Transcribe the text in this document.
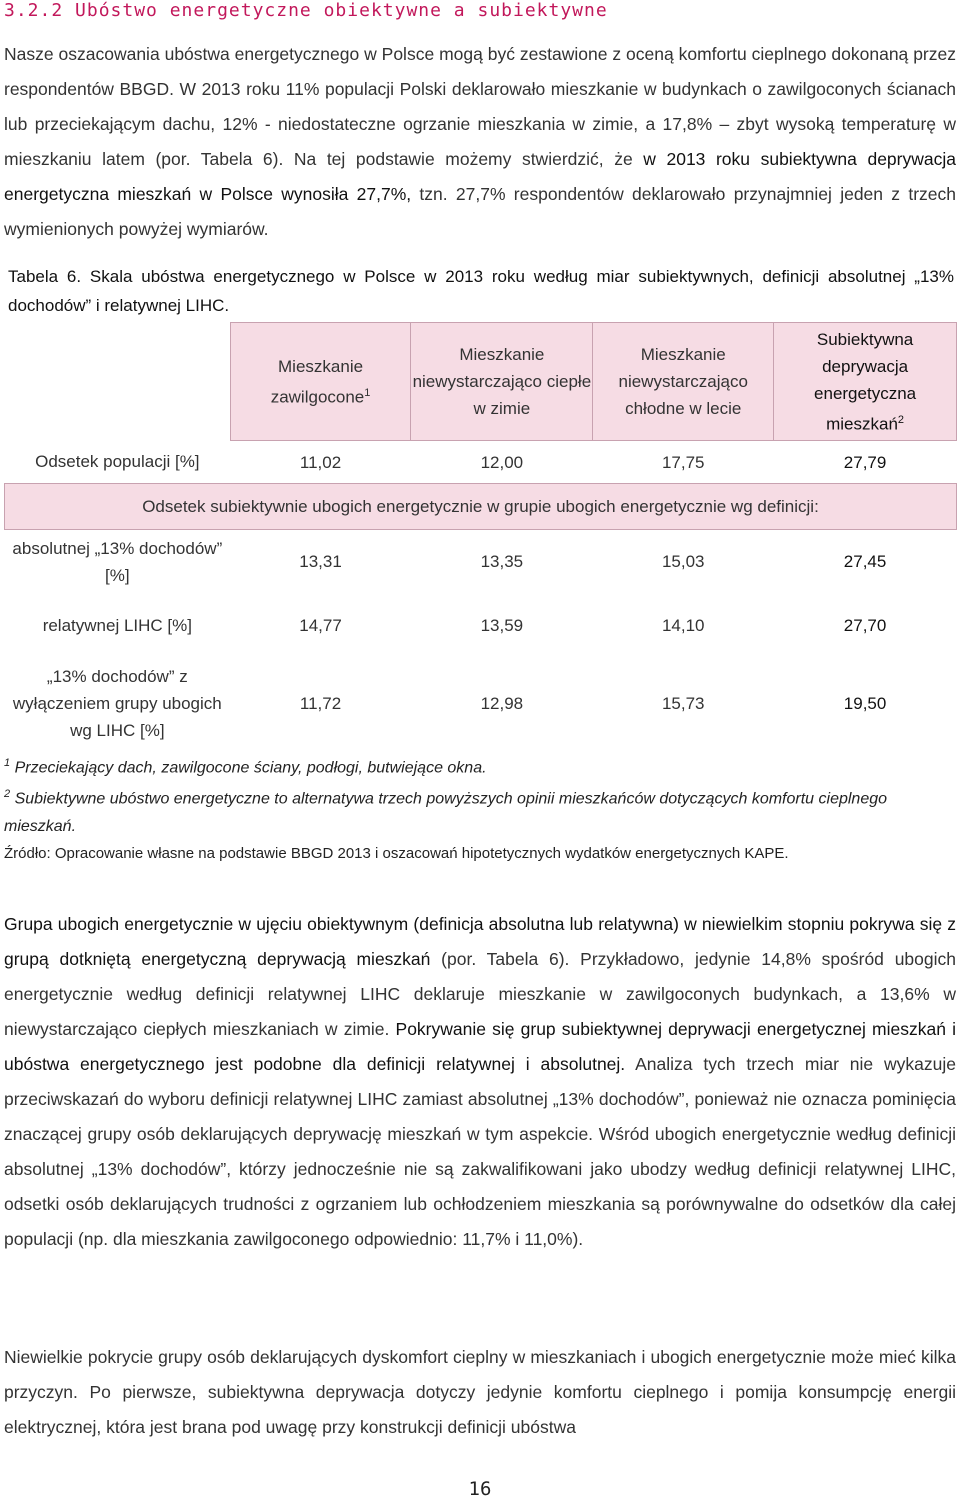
3.2.2 Ubóstwo energetyczne obiektywne a subiektywne
Nasze oszacowania ubóstwa energetycznego w Polsce mogą być zestawione z oceną komfortu cieplnego dokonaną przez respondentów BBGD. W 2013 roku 11% populacji Polski deklarowało mieszkanie w budynkach o zawilgoconych ścianach lub przeciekającym dachu, 12% - niedostateczne ogrzanie mieszkania w zimie, a 17,8% – zbyt wysoką temperaturę w mieszkaniu latem (por. Tabela 6). Na tej podstawie możemy stwierdzić, że w 2013 roku subiektywna deprywacja energetyczna mieszkań w Polsce wynosiła 27,7%, tzn. 27,7% respondentów deklarowało przynajmniej jeden z trzech wymienionych powyżej wymiarów.
Tabela 6. Skala ubóstwa energetycznego w Polsce w 2013 roku według miar subiektywnych, definicji absolutnej „13% dochodów” i relatywnej LIHC.
	Mieszkanie zawilgocone$^1$	Mieszkanie niewystarczająco ciepłe w zimie	Mieszkanie niewystarczająco chłodne w lecie	Subiektywna deprywacja energetyczna mieszkań$^2$
Odsetek populacji [%]	11,02	12,00	17,75	27,79
Odsetek subiektywnie ubogich energetycznie w grupie ubogich energetycznie wg definicji:				
absolutnej „13% dochodów” [%]	13,31	13,35	15,03	27,45
relatywnej LIHC [%]	14,77	13,59	14,10	27,70
„13% dochodów” z wyłączeniem grupy ubogich wg LIHC [%]	11,72	12,98	15,73	19,50
$^1$ Przeciekający dach, zawilgocone ściany, podłogi, butwiejące okna.
$^2$ Subiektywne ubóstwo energetyczne to alternatywa trzech powyższych opinii mieszkańców dotyczących komfortu cieplnego mieszkań.
Źródło: Opracowanie własne na podstawie BBGD 2013 i oszacowań hipotetycznych wydatków energetycznych KAPE.
Grupa ubogich energetycznie w ujęciu obiektywnym (definicja absolutna lub relatywna) w niewielkim stopniu pokrywa się z grupą dotkniętą energetyczną deprywacją mieszkań (por. Tabela 6). Przykładowo, jedynie 14,8% spośród ubogich energetycznie według definicji relatywnej LIHC deklaruje mieszkanie w zawilgoconych budynkach, a 13,6% w niewystarczająco ciepłych mieszkaniach w zimie. Pokrywanie się grup subiektywnej deprywacji energetycznej mieszkań i ubóstwa energetycznego jest podobne dla definicji relatywnej i absolutnej. Analiza tych trzech miar nie wykazuje przeciwskazań do wyboru definicji relatywnej LIHC zamiast absolutnej „13% dochodów”, ponieważ nie oznacza pominięcia znaczącej grupy osób deklarujących deprywację mieszkań w tym aspekcie. Wśród ubogich energetycznie według definicji absolutnej „13% dochodów”, którzy jednocześnie nie są zakwalifikowani jako ubodzy według definicji relatywnej LIHC, odsetki osób deklarujących trudności z ogrzaniem lub ochłodzeniem mieszkania są porównywalne do odsetków dla całej populacji (np. dla mieszkania zawilgoconego odpowiednio: 11,7% i 11,0%).
Niewielkie pokrycie grupy osób deklarujących dyskomfort cieplny w mieszkaniach i ubogich energetycznie może mieć kilka przyczyn. Po pierwsze, subiektywna deprywacja dotyczy jedynie komfortu cieplnego i pomija konsumpcję energii elektrycznej, która jest brana pod uwagę przy konstrukcji definicji ubóstwa
16
